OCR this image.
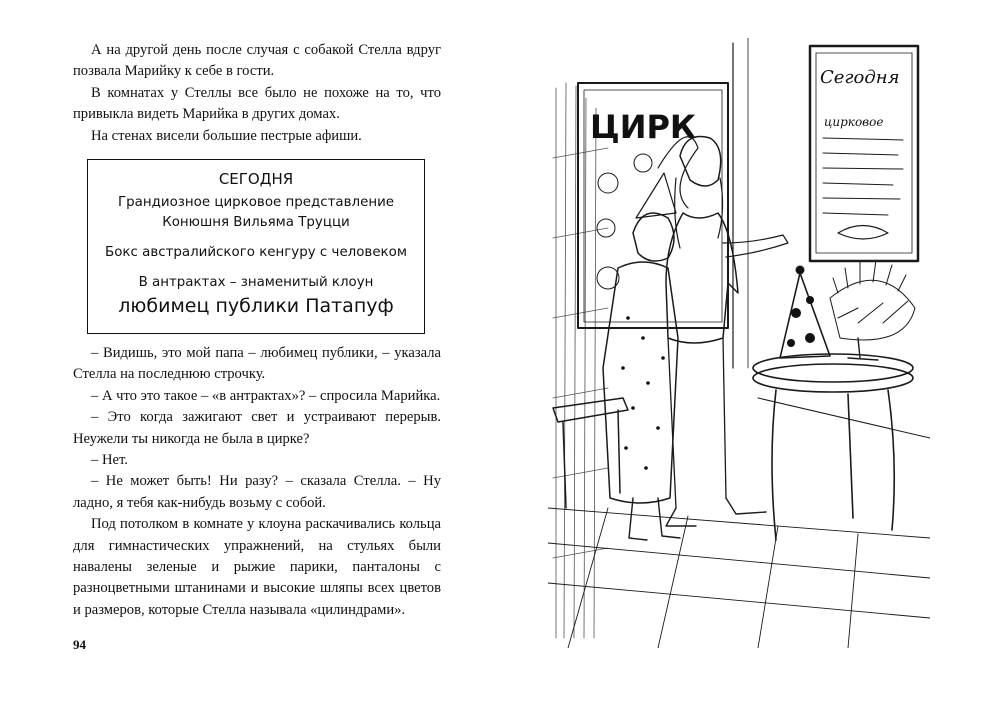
А на другой день после случая с собакой Стелла вдруг позвала Марийку к себе в гости.

В комнатах у Стеллы все было не похоже на то, что привыкла видеть Марийка в других домах.

На стенах висели большие пестрые афиши.

СЕГОДНЯ
Грандиозное цирковое представление
Конюшня Вильяма Труцци
Бокс австралийского кенгуру с человеком
В антрактах – знаменитый клоун
любимец публики Патапуф

– Видишь, это мой папа – любимец публики, – указала Стелла на последнюю строчку.

– А что это такое – «в антрактах»? – спросила Марийка.

– Это когда зажигают свет и устраивают перерыв. Неужели ты никогда не была в цирке?

– Нет.

– Не может быть! Ни разу? – сказала Стелла. – Ну ладно, я тебя как-нибудь возьму с собой.

Под потолком в комнате у клоуна раскачивались кольца для гимнастических упражнений, на стульях были навалены зеленые и рыжие парики, панталоны с разноцветными штанинами и высокие шляпы всех цветов и размеров, которые Стелла называла «цилиндрами».

94
ЦИРК
Сегодня
цирковое
